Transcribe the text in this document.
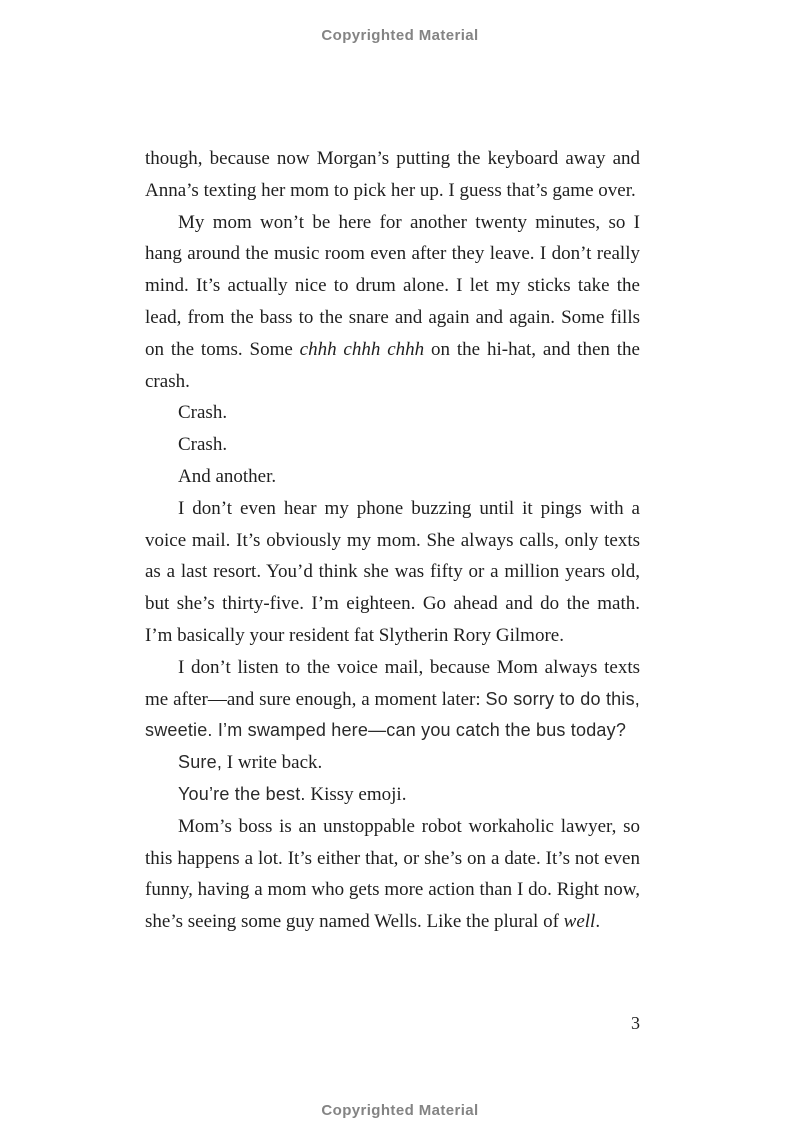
Copyrighted Material

though, because now Morgan’s putting the keyboard away and Anna’s texting her mom to pick her up. I guess that’s game over.

My mom won’t be here for another twenty minutes, so I hang around the music room even after they leave. I don’t really mind. It’s actually nice to drum alone. I let my sticks take the lead, from the bass to the snare and again and again. Some fills on the toms. Some chhh chhh chhh on the hi-hat, and then the crash.

Crash.

Crash.

And another.

I don’t even hear my phone buzzing until it pings with a voice mail. It’s obviously my mom. She always calls, only texts as a last resort. You’d think she was fifty or a million years old, but she’s thirty-five. I’m eighteen. Go ahead and do the math. I’m basically your resident fat Slytherin Rory Gilmore.

I don’t listen to the voice mail, because Mom always texts me after—and sure enough, a moment later: So sorry to do this, sweetie. I’m swamped here—can you catch the bus today?

Sure, I write back.

You’re the best. Kissy emoji.

Mom’s boss is an unstoppable robot workaholic lawyer, so this happens a lot. It’s either that, or she’s on a date. It’s not even funny, having a mom who gets more action than I do. Right now, she’s seeing some guy named Wells. Like the plural of well.

3
Copyrighted Material
